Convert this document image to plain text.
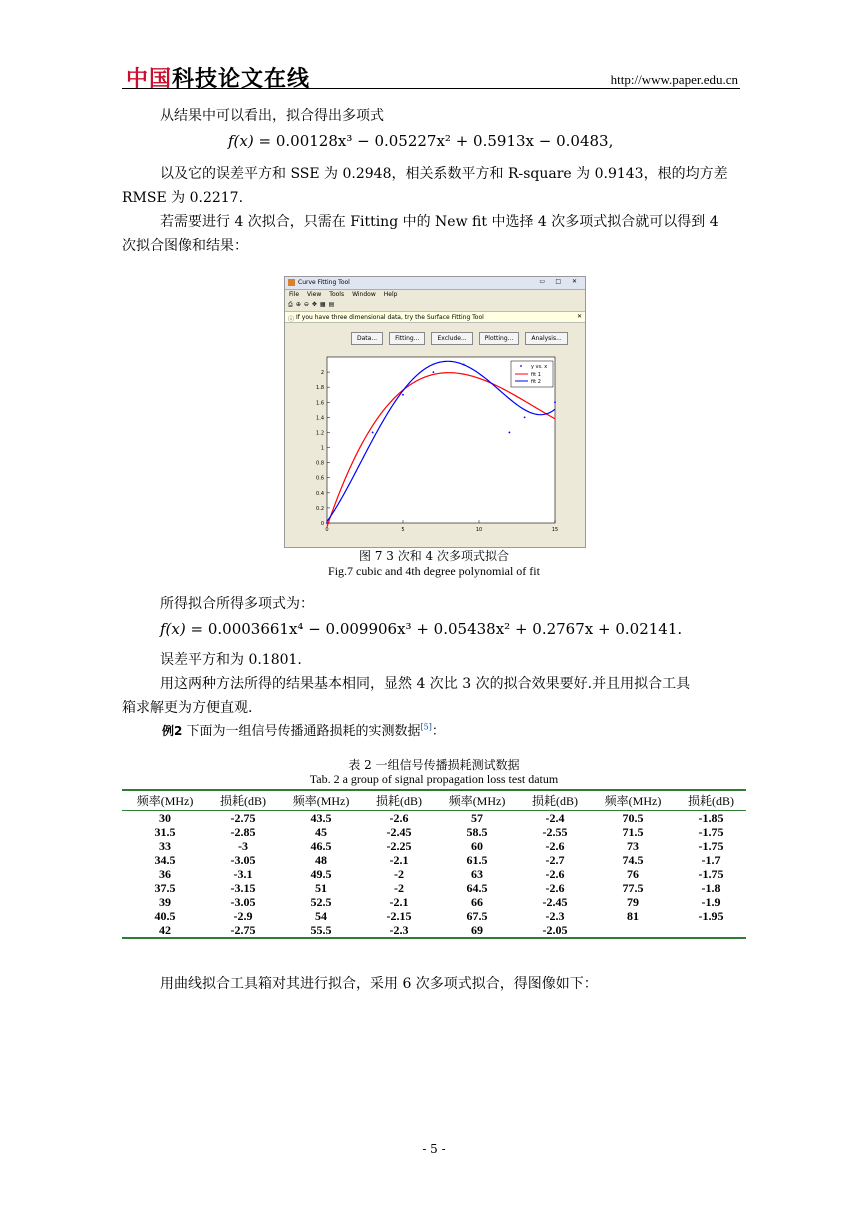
中国科技论文在线	http://www.paper.edu.cn
从结果中可以看出，拟合得出多项式
f(x) = 0.00128x³ − 0.05227x² + 0.5913x − 0.0483,
以及它的误差平方和 SSE 为 0.2948，相关系数平方和 R-square 为 0.9143，根的均方差
RMSE 为 0.2217.
若需要进行 4 次拟合，只需在 Fitting 中的 New fit 中选择 4 次多项式拟合就可以得到 4
次拟合图像和结果：
Curve Fitting Tool	▭ □ ✕
File View Tools Window Help
⎙ ⊕ ⊖ ✥ ▦ ▤
ⓘ If you have three dimensional data, try the Surface Fitting Tool	✕
Data...	Fitting...	Exclude...	Plotting...	Analysis...
0
0.2
0.4
0.6
0.8
1
1.2
1.4
1.6
1.8
2
0	5	10	15
y vs. x
fit 1
fit 2
图 7 3 次和 4 次多项式拟合
Fig.7 cubic and 4th degree polynomial of fit
所得拟合所得多项式为：
f(x) = 0.0003661x⁴ − 0.009906x³ + 0.05438x² + 0.2767x + 0.02141.
误差平方和为 0.1801.
用这两种方法所得的结果基本相同，显然 4 次比 3 次的拟合效果要好.并且用拟合工具
箱求解更为方便直观.
例2 下面为一组信号传播通路损耗的实测数据[5]：
表 2 一组信号传播损耗测试数据
Tab. 2 a group of signal propagation loss test datum
频率(MHz)	损耗(dB)	频率(MHz)	损耗(dB)	频率(MHz)	损耗(dB)	频率(MHz)	损耗(dB)
30	-2.75	43.5	-2.6	57	-2.4	70.5	-1.85
31.5	-2.85	45	-2.45	58.5	-2.55	71.5	-1.75
33	-3	46.5	-2.25	60	-2.6	73	-1.75
34.5	-3.05	48	-2.1	61.5	-2.7	74.5	-1.7
36	-3.1	49.5	-2	63	-2.6	76	-1.75
37.5	-3.15	51	-2	64.5	-2.6	77.5	-1.8
39	-3.05	52.5	-2.1	66	-2.45	79	-1.9
40.5	-2.9	54	-2.15	67.5	-2.3	81	-1.95
42	-2.75	55.5	-2.3	69	-2.05		
用曲线拟合工具箱对其进行拟合，采用 6 次多项式拟合，得图像如下：
- 5 -
